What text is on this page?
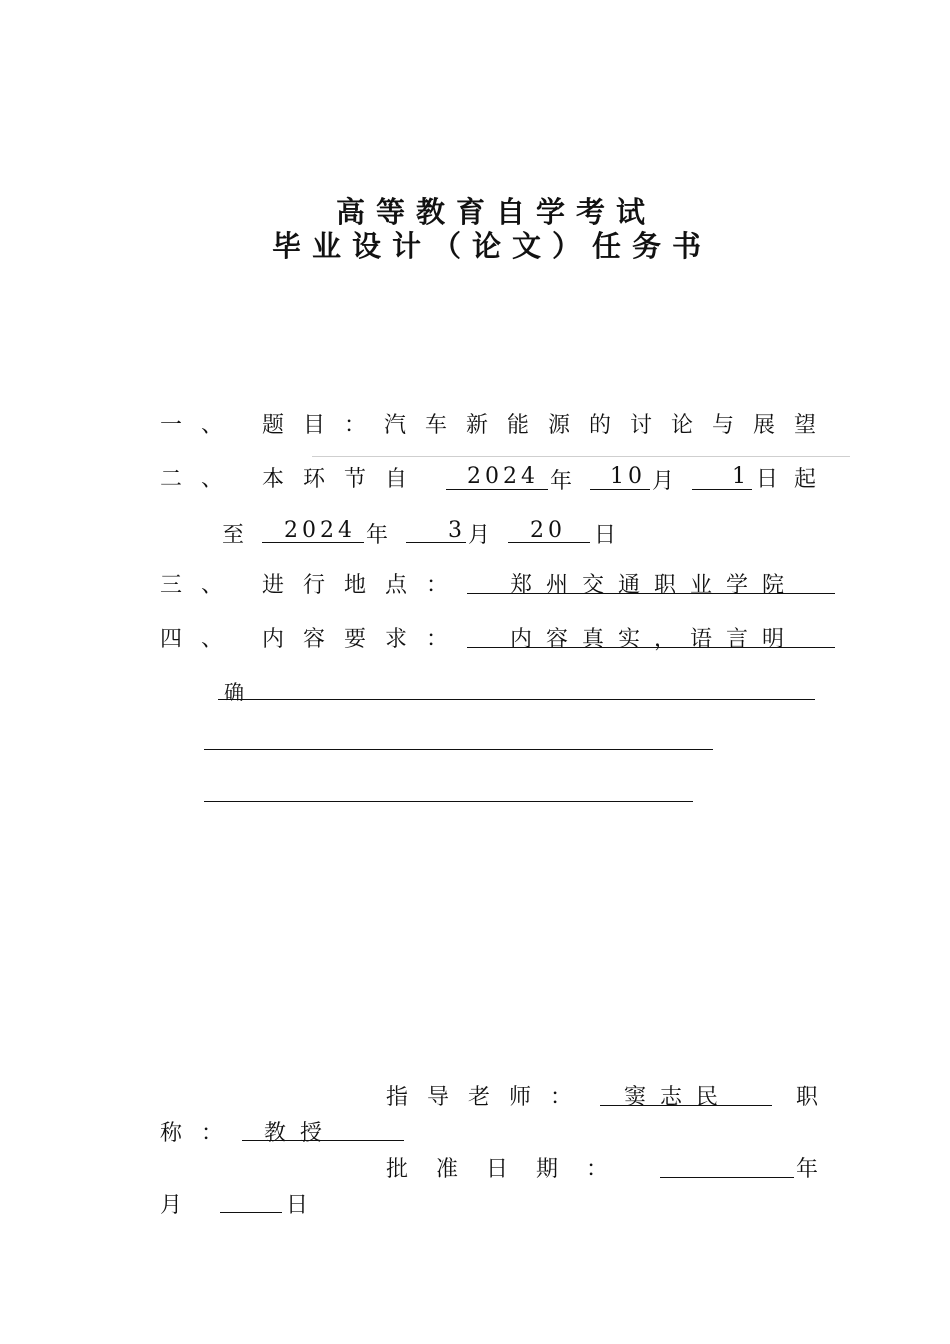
高等教育自学考试
毕业设计（论文）任务书
一、 题目：
汽车新能源的讨论与展望
二、 本环节自 2024 年 10 月 1 日起
至 2024 年	3 月 20 日
三、 进行地点： 郑州交通职业学院
四、 内容要求： 内容真实，语言明
确
指导老师： 窦志民	职
称： 教授
批准日期：	年
月	日
